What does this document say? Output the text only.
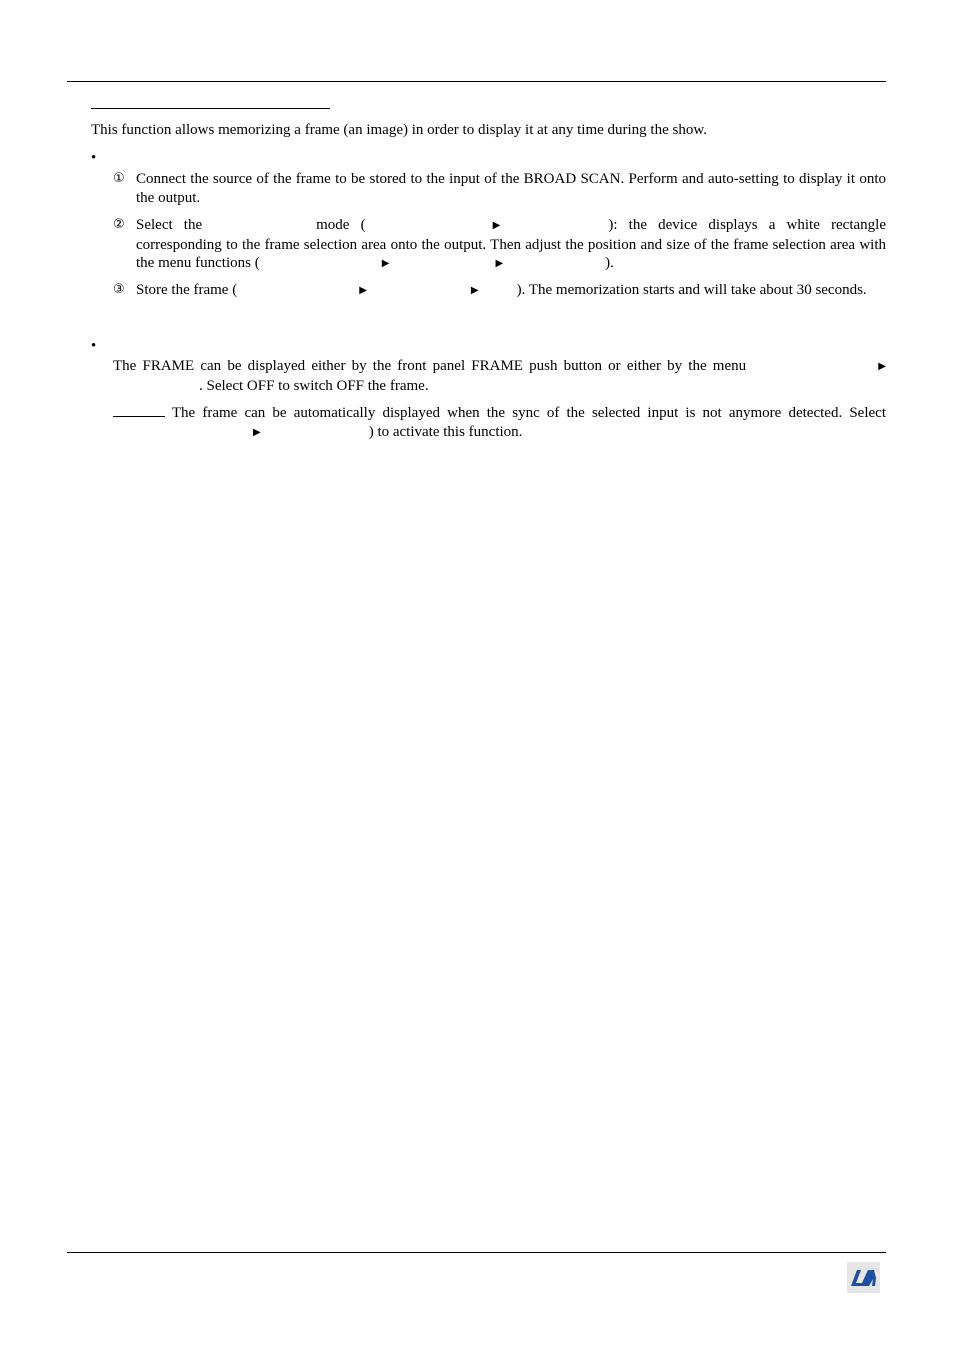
This function allows memorizing a frame (an image) in order to display it at any time during the show.
•
① Connect the source of the frame to be stored to the input of the BROAD SCAN. Perform and auto-setting to display it onto the output.
② Select the	mode (	▶	): the device displays a white rectangle corresponding to the frame selection area onto the output. Then adjust the position and size of the frame selection area with the menu functions (	▶	▶	).
③ Store the frame (	▶	▶	). The memorization starts and will take about 30 seconds.
•
The FRAME can be displayed either by the front panel FRAME push button or either by the menu	▶. Select OFF to switch OFF the frame.
The frame can be automatically displayed when the sync of the selected input is not anymore detected. Select ▶	) to activate this function.
